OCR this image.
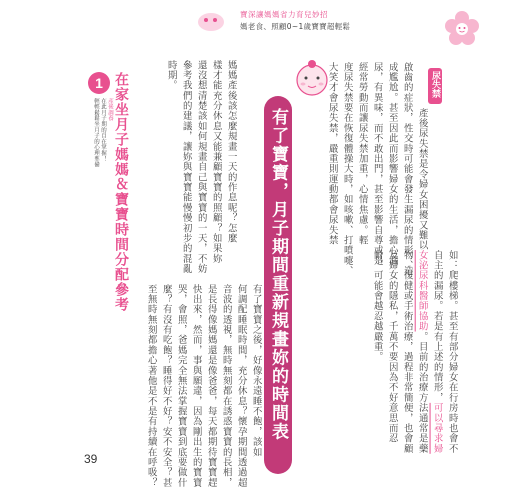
寶深讓媽媽省力育兒妙招
媽老食、照顧0~1歲寶寶超輕鬆
1
產後調養
在此月子期的自在掌握！
輕輕鬆鬆坐月子的心理準備	在家坐月子媽媽＆寶寶時間分配參考	媽媽產後該怎麼規畫一天的作息呢？怎麼
樣才能充分休息又能兼顧寶寶的照顧？如果妳
還沒想清楚該如何規畫自己與寶寶的一天，不妨
參考我們的建議，讓妳與寶寶能慢慢初步的混亂
時期。
有了寶寶，月子期間重新規畫妳的時間表
尿失禁
產後尿失禁是令婦女困擾又難以
啟齒的症狀，性交時可能會發生漏尿的情形，造
成尷尬。甚至因此而影響婦女的生活，擔心漏
尿，有異味，而不敢出門，甚至影響自尊或是
經常勞動而讓尿失禁加重，心情焦慮。輕
度尿失禁要在恢復體操大時，如咳嗽、打噴嚏、
大笑才會尿失禁，嚴重則運動都會尿失禁
如：爬樓梯。甚至有部分婦女在行房時也會不
自主的漏尿。若是有上述的情形，可以尋求婦
女泌尿科醫師協助。目前的治療方法通常是藥
物、復健或手術治療，過程非常簡便，也會顧
及婦女的隱私，千萬不要因為不好意思而忍
耐，可能會越忍越嚴重。
有了寶寶之後，好像永遠睡不飽，該如
何調配睡眠時間，充分休息？懷孕期間透過超
音波的透視，無時無刻都在誘惑寶寶的長相，
是長得像媽媽還是像爸爸，每天都期待寶寶趕
快出來，然而，事與願違，因為剛出生的寶寶
哭，會照，爸媽完全無法掌握寶寶到底要做什
麼？有沒有吃飽？睡得好不好？安不安全？甚
至無時無刻都擔心著他是不是有持續在呼吸？
39
